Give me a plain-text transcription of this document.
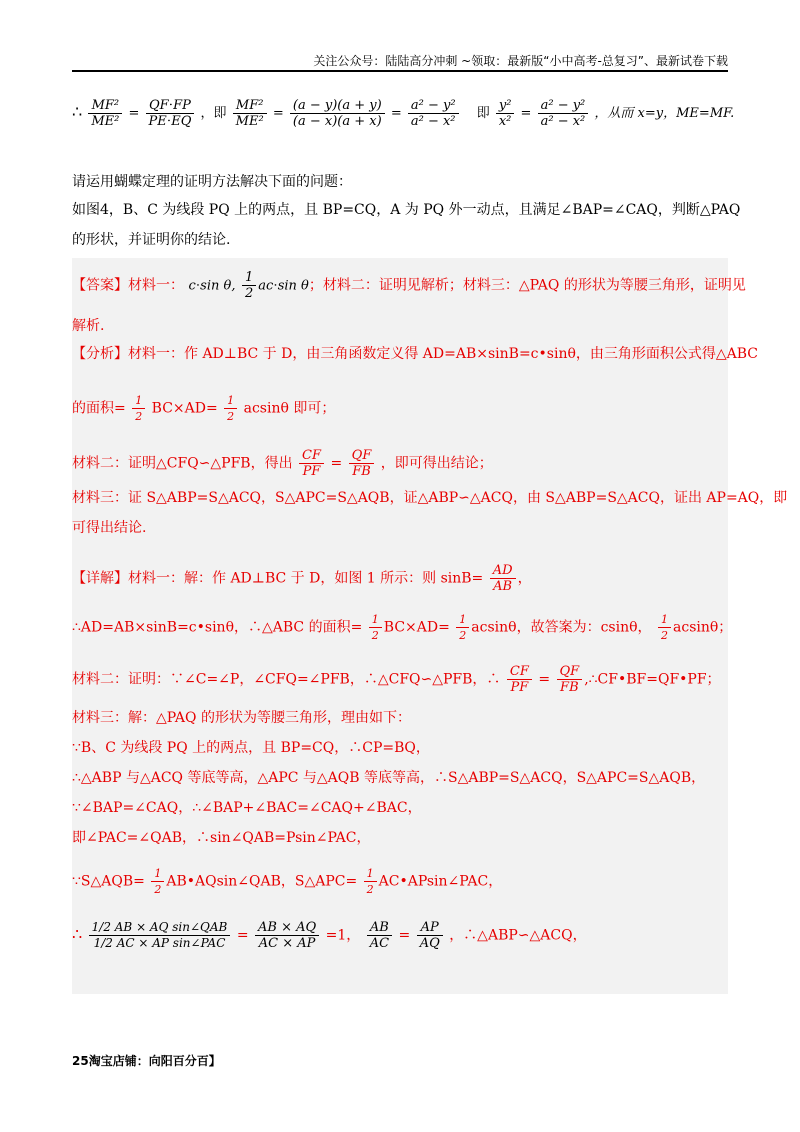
关注公众号：陆陆高分冲刺 ~领取：最新版“小中高考-总复习”、最新试卷下载
∴ $\frac{\text{MF²}}{\text{ME²}} = \frac{QF\cdot FP}{PE\cdot EQ}$ ，即 $\frac{\text{MF²}}{\text{ME²}} = \frac{(a - y)(a + y)}{(a - x)(a + x)} = \frac{\text{a² − y²}}{\text{a² − x²}}$ 即 $\frac{\text{y²}}{\text{x²}} = \frac{\text{a² − y²}}{\text{a² − x²}}$ ，从而 x=y，ME=MF.
请运用蝴蝶定理的证明方法解决下面的问题：
如图4，B、C 为线段 PQ 上的两点，且 BP=CQ，A 为 PQ 外一动点，且满足∠BAP=∠CAQ，判断△PAQ
的形状，并证明你的结论.
【答案】材料一： c⋅sin θ, $\frac{1}{2} ac\cdot\sin$ θ；材料二：证明见解析；材料三：△PAQ 的形状为等腰三角形，证明见
解析.
【分析】材料一：作 AD⊥BC 于 D，由三角函数定义得 AD=AB×sinB=c•sinθ，由三角形面积公式得△ABC
的面积= $\frac{1}{2} BC\times AD= \frac{1}{2}$ acsinθ 即可；
材料二：证明△CFQ∽△PFB，得出 $\frac{CF}{PF} = \frac{QF}{FB}$ ，即可得出结论；
材料三：证 S△ABP=S△ACQ，S△APC=S△AQB，证△ABP∽△ACQ，由 S△ABP=S△ACQ，证出 AP=AQ，即
可得出结论.
【详解】材料一：解：作 AD⊥BC 于 D，如图 1 所示：则 $\sin B= \frac{AD}{AB}$ ，
∴AD=AB×sinB=c•sinθ，∴△ABC 的面积= $\frac{1}{2} BC\times AD= \frac{1}{2}$ acsinθ，故答案为：csinθ， $\frac{1}{2}$ acsinθ；
材料二：证明：∵∠C=∠P，∠CFQ=∠PFB，∴△CFQ∽△PFB，∴ $\frac{CF}{PF} = \frac{QF}{FB}$ ,∴CF•BF=QF•PF；
材料三：解：△PAQ 的形状为等腰三角形，理由如下：
∵B、C 为线段 PQ 上的两点，且 BP=CQ，∴CP=BQ，
∴△ABP 与△ACQ 等底等高，△APC 与△AQB 等底等高，∴S△ABP=S△ACQ，S△APC=S△AQB，
∵∠BAP=∠CAQ，∴∠BAP+∠BAC=∠CAQ+∠BAC，
即∠PAC=∠QAB，∴sin∠QAB=Psin∠PAC，
∵S△AQB= $\frac{1}{2}$ AB•AQsin∠QAB，S△APC= $\frac{1}{2}$ AC•APsin∠PAC，
∴ $\frac{\text{1/2 AB × AQ sin∠QAB}}{\text{1/2 AC × AP sin∠PAC}} = \frac{AB \times AQ}{AC \times AP} =1$， $\frac{AB}{AC} = \frac{AP}{AQ}$ ，∴△ABP∽△ACQ，
25淘宝店铺：向阳百分百】
